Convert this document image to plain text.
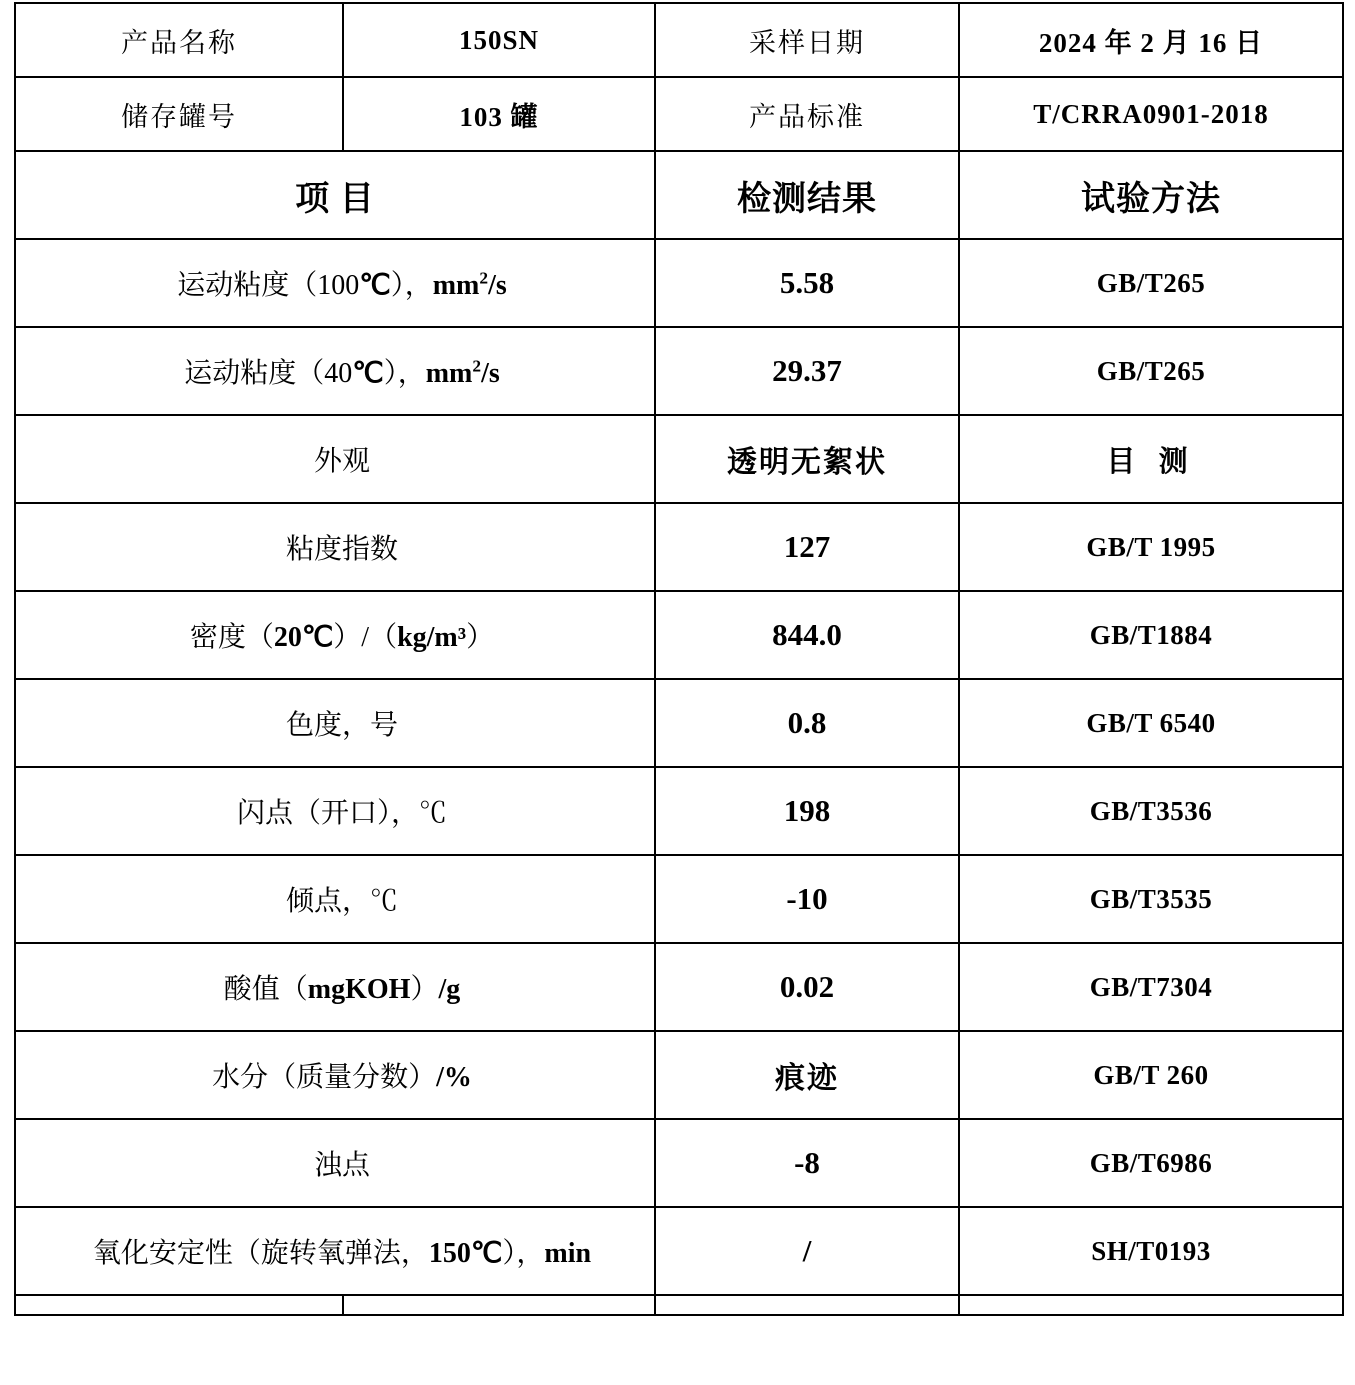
产品名称	150SN	采样日期	2024 年 2 月 16 日
储存罐号	103 罐	产品标准	T/CRRA0901-2018
项 目		检测结果	试验方法
运动粘度（100℃），$mm^2/s$		5.58	GB/T265
运动粘度（40℃），$mm^2/s$		29.37	GB/T265
外观		透明无絮状	目 测
粘度指数		127	GB/T 1995
密度（20℃）/（kg/m³）		844.0	GB/T1884
色度，号		0.8	GB/T 6540
闪点（开口），℃		198	GB/T3536
倾点，℃		-10	GB/T3535
酸值（mgKOH）/g		0.02	GB/T7304
水分（质量分数）/%		痕迹	GB/T 260
浊点		-8	GB/T6986
氧化安定性（旋转氧弹法，150℃），min		/	SH/T0193
